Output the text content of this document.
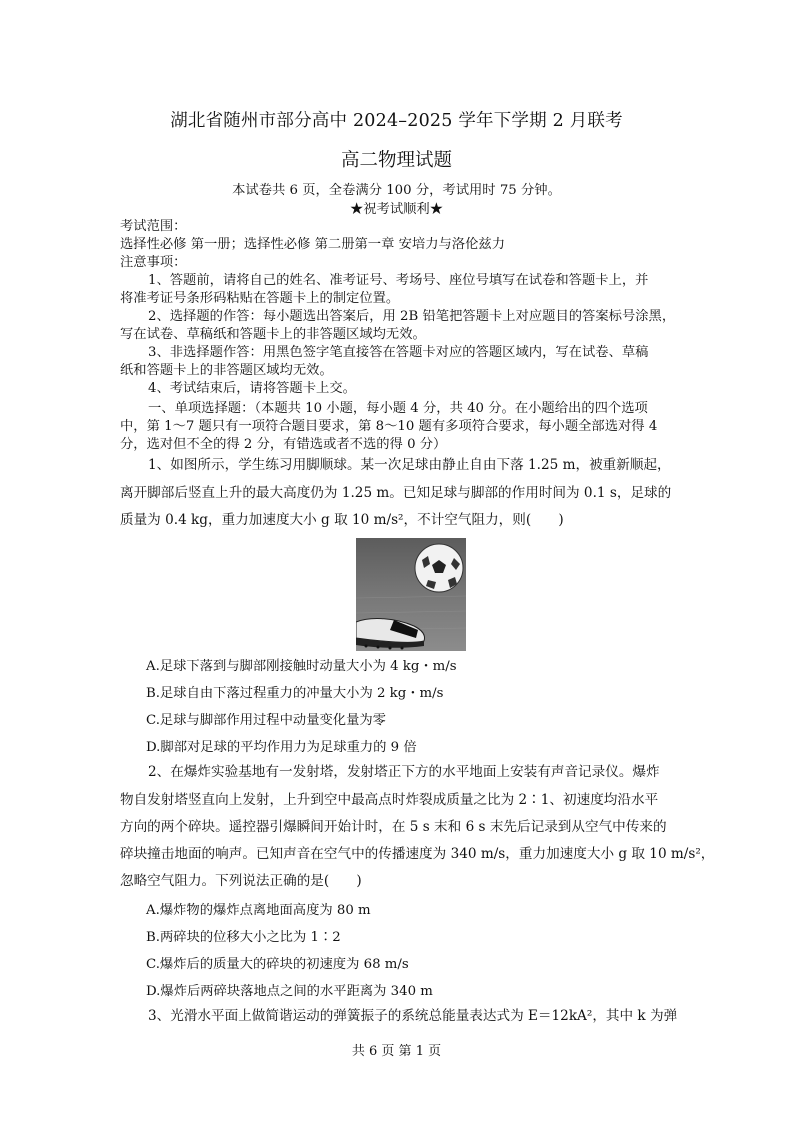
湖北省随州市部分高中 2024–2025 学年下学期 2 月联考
高二物理试题
本试卷共 6 页，全卷满分 100 分，考试用时 75 分钟。
★祝考试顺利★
考试范围：
选择性必修 第一册；选择性必修 第二册第一章 安培力与洛伦兹力
注意事项：
1、答题前，请将自己的姓名、准考证号、考场号、座位号填写在试卷和答题卡上，并
将准考证号条形码粘贴在答题卡上的制定位置。
2、选择题的作答：每小题选出答案后，用 2B 铅笔把答题卡上对应题目的答案标号涂黑，
写在试卷、草稿纸和答题卡上的非答题区域均无效。
3、非选择题作答：用黑色签字笔直接答在答题卡对应的答题区域内，写在试卷、草稿
纸和答题卡上的非答题区域均无效。
4、考试结束后，请将答题卡上交。
一、单项选择题：（本题共 10 小题，每小题 4 分，共 40 分。在小题给出的四个选项
中，第 1～7 题只有一项符合题目要求，第 8～10 题有多项符合要求，每小题全部选对得 4
分，选对但不全的得 2 分，有错选或者不选的得 0 分）
1、如图所示，学生练习用脚顺球。某一次足球由静止自由下落 1.25 m，被重新顺起，
离开脚部后竖直上升的最大高度仍为 1.25 m。已知足球与脚部的作用时间为 0.1 s，足球的
质量为 0.4 kg，重力加速度大小 g 取 10 m/s²，不计空气阻力，则(　　)
A.足球下落到与脚部刚接触时动量大小为 4 kg・m/s
B.足球自由下落过程重力的冲量大小为 2 kg・m/s
C.足球与脚部作用过程中动量变化量为零
D.脚部对足球的平均作用力为足球重力的 9 倍
2、在爆炸实验基地有一发射塔，发射塔正下方的水平地面上安装有声音记录仪。爆炸
物自发射塔竖直向上发射，上升到空中最高点时炸裂成质量之比为 2∶1、初速度均沿水平
方向的两个碎块。遥控器引爆瞬间开始计时，在 5 s 末和 6 s 末先后记录到从空气中传来的
碎块撞击地面的响声。已知声音在空气中的传播速度为 340 m/s，重力加速度大小 g 取 10 m/s²，
忽略空气阻力。下列说法正确的是(　　)
A.爆炸物的爆炸点离地面高度为 80 m
B.两碎块的位移大小之比为 1∶2
C.爆炸后的质量大的碎块的初速度为 68 m/s
D.爆炸后两碎块落地点之间的水平距离为 340 m
3、光滑水平面上做简谐运动的弹簧振子的系统总能量表达式为 E＝12kA²，其中 k 为弹
共 6 页 第 1 页
